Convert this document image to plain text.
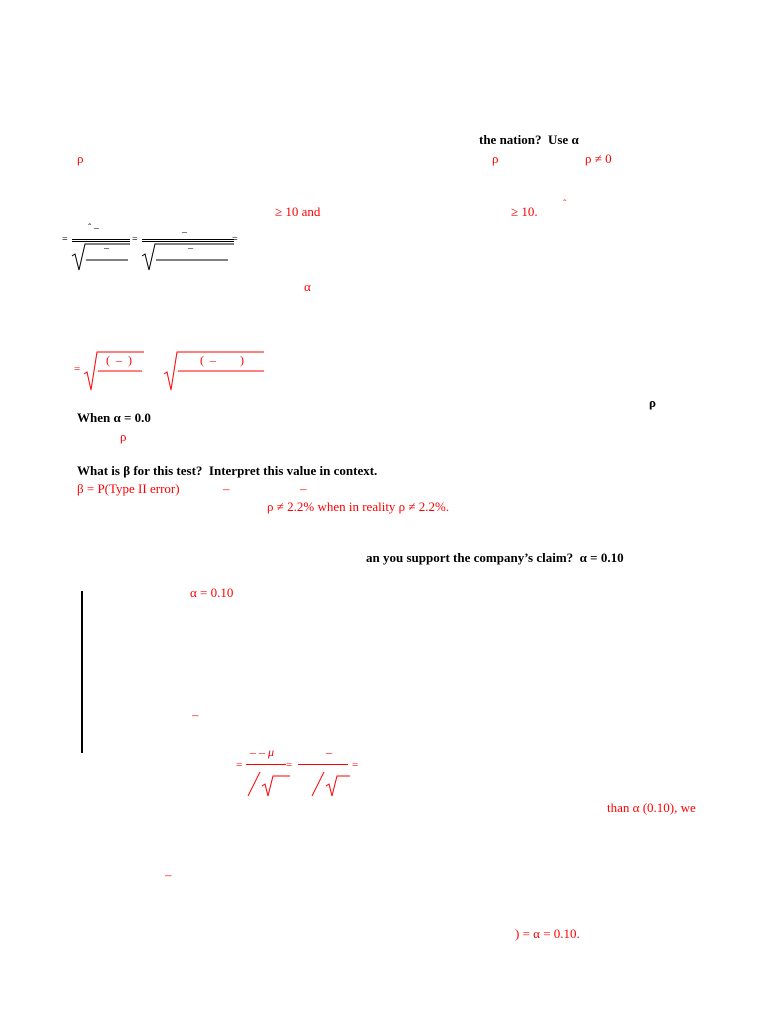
the nation?  Use α
ρ	ρ	ρ ≠ 0
≥ 10 and	≥ 10.	ˆ
=
ˆ –
–
=
–
–
=
α
=
(  –  )	(  –        )
ρ
When α = 0.0
ρ
What is β for this test?  Interpret this value in context.
β = P(Type II error)	–	–
ρ ≠ 2.2% when in reality ρ ≠ 2.2%.
an you support the company’s claim?  α = 0.10
α = 0.10
–
=
– – μ
=
–
=
than α (0.10), we
–
) = α = 0.10.
